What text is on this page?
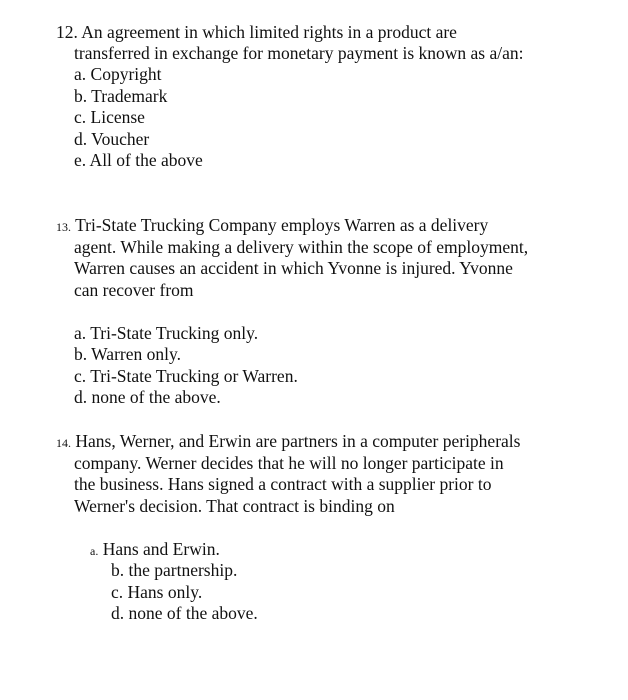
12. An agreement in which limited rights in a product are
transferred in exchange for monetary payment is known as a/an:
a. Copyright
b. Trademark
c. License
d. Voucher
e. All of the above
13. Tri-State Trucking Company employs Warren as a delivery
agent. While making a delivery within the scope of employment,
Warren causes an accident in which Yvonne is injured. Yvonne
can recover from
a. Tri-State Trucking only.
b. Warren only.
c. Tri-State Trucking or Warren.
d. none of the above.
14. Hans, Werner, and Erwin are partners in a computer peripherals
company. Werner decides that he will no longer participate in
the business. Hans signed a contract with a supplier prior to
Werner's decision. That contract is binding on
a. Hans and Erwin.
b. the partnership.
c. Hans only.
d. none of the above.
